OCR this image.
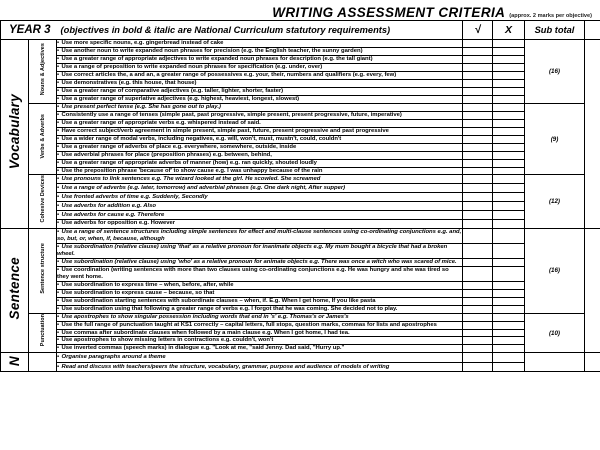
WRITING ASSESSMENT CRITERIA (approx. 2 marks per objective)
YEAR 3 (objectives in bold & italic are National Curriculum statutory requirements)			√	X	Sub total	
Vocabulary	Nouns & Adjectives	• Use more specific nouns, e.g. gingerbread instead of cake			(16)	
		• Use another noun to write expanded noun phrases for precision (e.g. the English teacher, the sunny garden)				
		• Use a greater range of appropriate adjectives to write expanded noun phrases for description (e.g. the tall giant)				
		• Use a range of preposition to write expanded noun phrases for specification (e.g. under, over)				
		• Use correct articles the, a and an, a greater range of possessives e.g. your, their, numbers and qualifiers (e.g. every, few)				
		• Use demonstratives (e.g. this house, that house)				
		• Use a greater range of comparative adjectives (e.g. taller, lighter, shorter, faster)				
		• Use a greater range of superlative adjectives (e.g. highest, heaviest, longest, slowest)				
	Verbs & Adverbs	• Use present perfect tense (e.g. She has gone out to play.)			(9)	
		• Consistently use a range of tenses (simple past, past progressive, simple present, present progressive, future, imperative)				
		• Use a greater range of appropriate verbs e.g. whispered instead of said.				
		• Have correct subject/verb agreement in simple present, simple past, future, present progressive and past progressive				
		• Use a wider range of modal verbs, including negatives, e.g. will, won't, must, mustn't, could, couldn't				
		• Use a greater range of adverbs of place e.g. everywhere, somewhere, outside, inside				
		• Use adverbial phrases for place (preposition phrases) e.g. between, behind,				
		• Use a greater range of appropriate adverbs of manner (how) e.g. ran quickly, shouted loudly				
		• Use the preposition phrase 'because of' to show cause e.g. I was unhappy because of the rain				
	Cohesive Devices	• Use pronouns to link sentences e.g. The wizard looked at the girl. He scowled. She screamed			(12)	
		• Use a range of adverbs (e.g. later, tomorrow) and adverbial phrases (e.g. One dark night, After supper)				
		• Use fronted adverbs of time e.g. Suddenly, Secondly				
		• Use adverbs for addition e.g. Also				
		• Use adverbs for cause e.g. Therefore				
		• Use adverbs for opposition e.g. However				
Sentence	Sentence structure	• Use a range of sentence structures including simple sentences for effect and multi-clause sentences using co-ordinating conjunctions e.g. and, so, but, or, when, if, because, although			(16)	
		• Use subordination (relative clause) using 'that' as a relative pronoun for inanimate objects e.g. My mum bought a bicycle that had a broken wheel.				
		• Use subordination (relative clause) using 'who' as a relative pronoun for animate objects e.g. There was once a witch who was scared of mice.				
		• Use coordination (writing sentences with more than two clauses using co-ordinating conjunctions e.g. He was hungry and she was tired so they went home.				
		• Use subordination to express time – when, before, after, while				
		• Use subordination to express cause – because, so that				
		• Use subordination starting sentences with subordinate clauses – when, if. E.g. When I get home, If you like pasta				
		• Use subordination using that following a greater range of verbs e.g. I forgot that he was coming. She decided not to play.				
	Punctuation	• Use apostrophes to show singular possession including words that end in 's' e.g. Thomas's or James's			(10)	
		• Use the full range of punctuation taught at KS1 correctly – capital letters, full stops, question marks, commas for lists and apostrophes				
		• Use commas after subordinate clauses when followed by a main clause e.g. When I got home, I had tea.				
		• Use apostrophes to show missing letters in contractions e.g. couldn't, won't				
		• Use inverted commas (speech marks) in dialogue e.g. "Look at me, "said Jenny. Dad said, "Hurry up."				
N		• Organise paragraphs around a theme				
		• Read and discuss with teachers/peers the structure, vocabulary, grammar, purpose and audience of models of writing				
